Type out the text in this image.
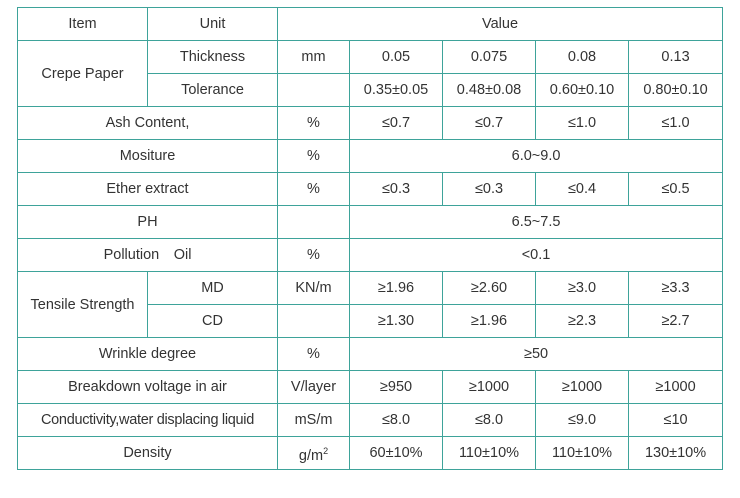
Item	Unit	Value				
Crepe Paper	Thickness	mm	0.05	0.075	0.08	0.13
	Tolerance		0.35±0.05	0.48±0.08	0.60±0.10	0.80±0.10
Ash Content,		%	≤0.7	≤0.7	≤1.0	≤1.0
Mositure		%	6.0~9.0			
Ether extract		%	≤0.3	≤0.3	≤0.4	≤0.5
PH			6.5~7.5			
Pollution　Oil		%	<0.1			
Tensile Strength	MD	KN/m	≥1.96	≥2.60	≥3.0	≥3.3
	CD		≥1.30	≥1.96	≥2.3	≥2.7
Wrinkle degree		%	≥50			
Breakdown voltage in air		V/layer	≥950	≥1000	≥1000	≥1000
Conductivity,water displacing liquid		mS/m	≤8.0	≤8.0	≤9.0	≤10
Density		$g/m^2$	60±10%	110±10%	110±10%	130±10%
